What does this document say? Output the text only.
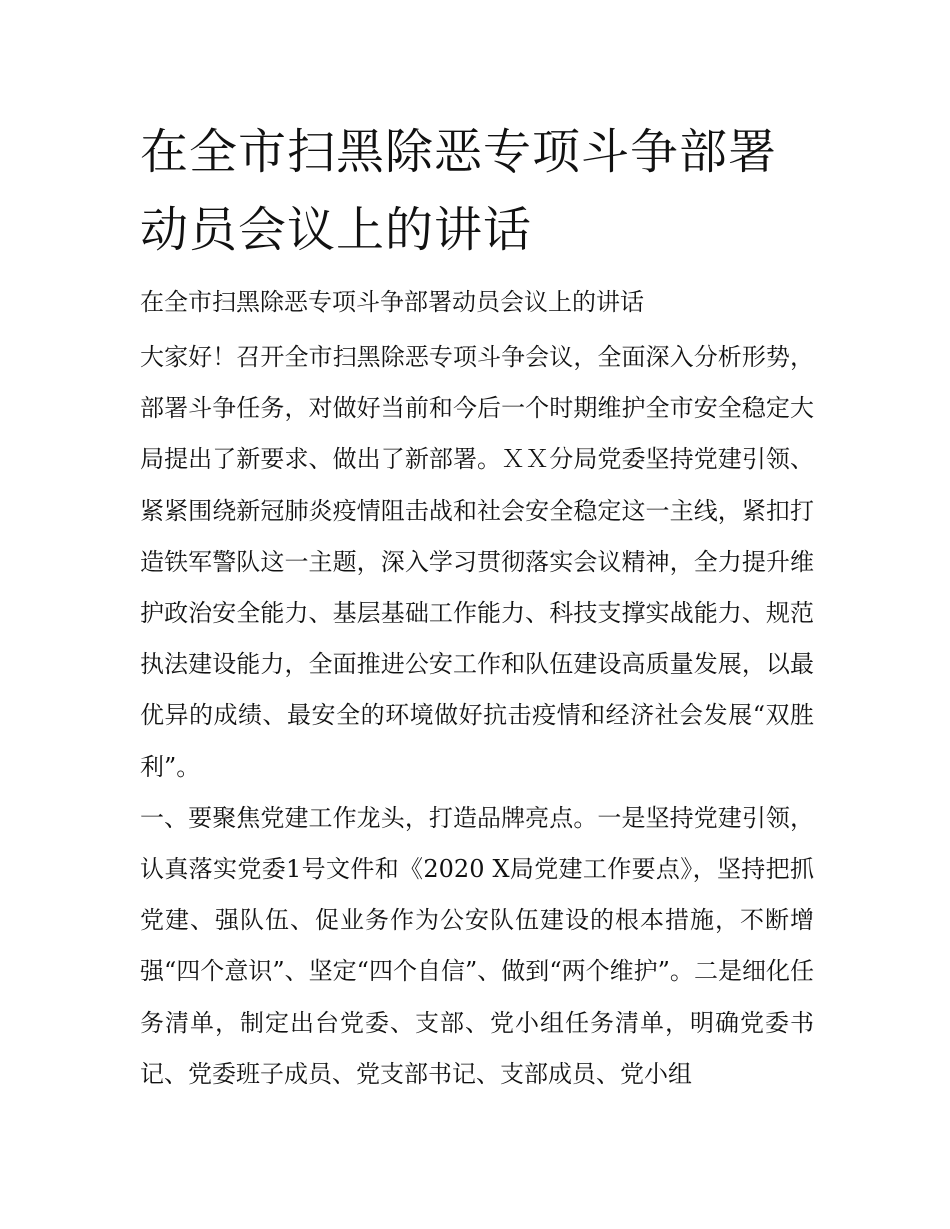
在全市扫黑除恶专项斗争部署动员会议上的讲话

在全市扫黑除恶专项斗争部署动员会议上的讲话

大家好！召开全市扫黑除恶专项斗争会议，全面深入分析形势，部署斗争任务，对做好当前和今后一个时期维护全市安全稳定大局提出了新要求、做出了新部署。ＸＸ分局党委坚持党建引领、紧紧围绕新冠肺炎疫情阻击战和社会安全稳定这一主线，紧扣打造铁军警队这一主题，深入学习贯彻落实会议精神，全力提升维护政治安全能力、基层基础工作能力、科技支撑实战能力、规范执法建设能力，全面推进公安工作和队伍建设高质量发展，以最优异的成绩、最安全的环境做好抗击疫情和经济社会发展“双胜利”。

一、要聚焦党建工作龙头，打造品牌亮点。一是坚持党建引领，认真落实党委1号文件和《2020 X局党建工作要点》，坚持把抓党建、强队伍、促业务作为公安队伍建设的根本措施，不断增强“四个意识”、坚定“四个自信”、做到“两个维护”。二是细化任务清单，制定出台党委、支部、党小组任务清单，明确党委书记、党委班子成员、党支部书记、支部成员、党小组
